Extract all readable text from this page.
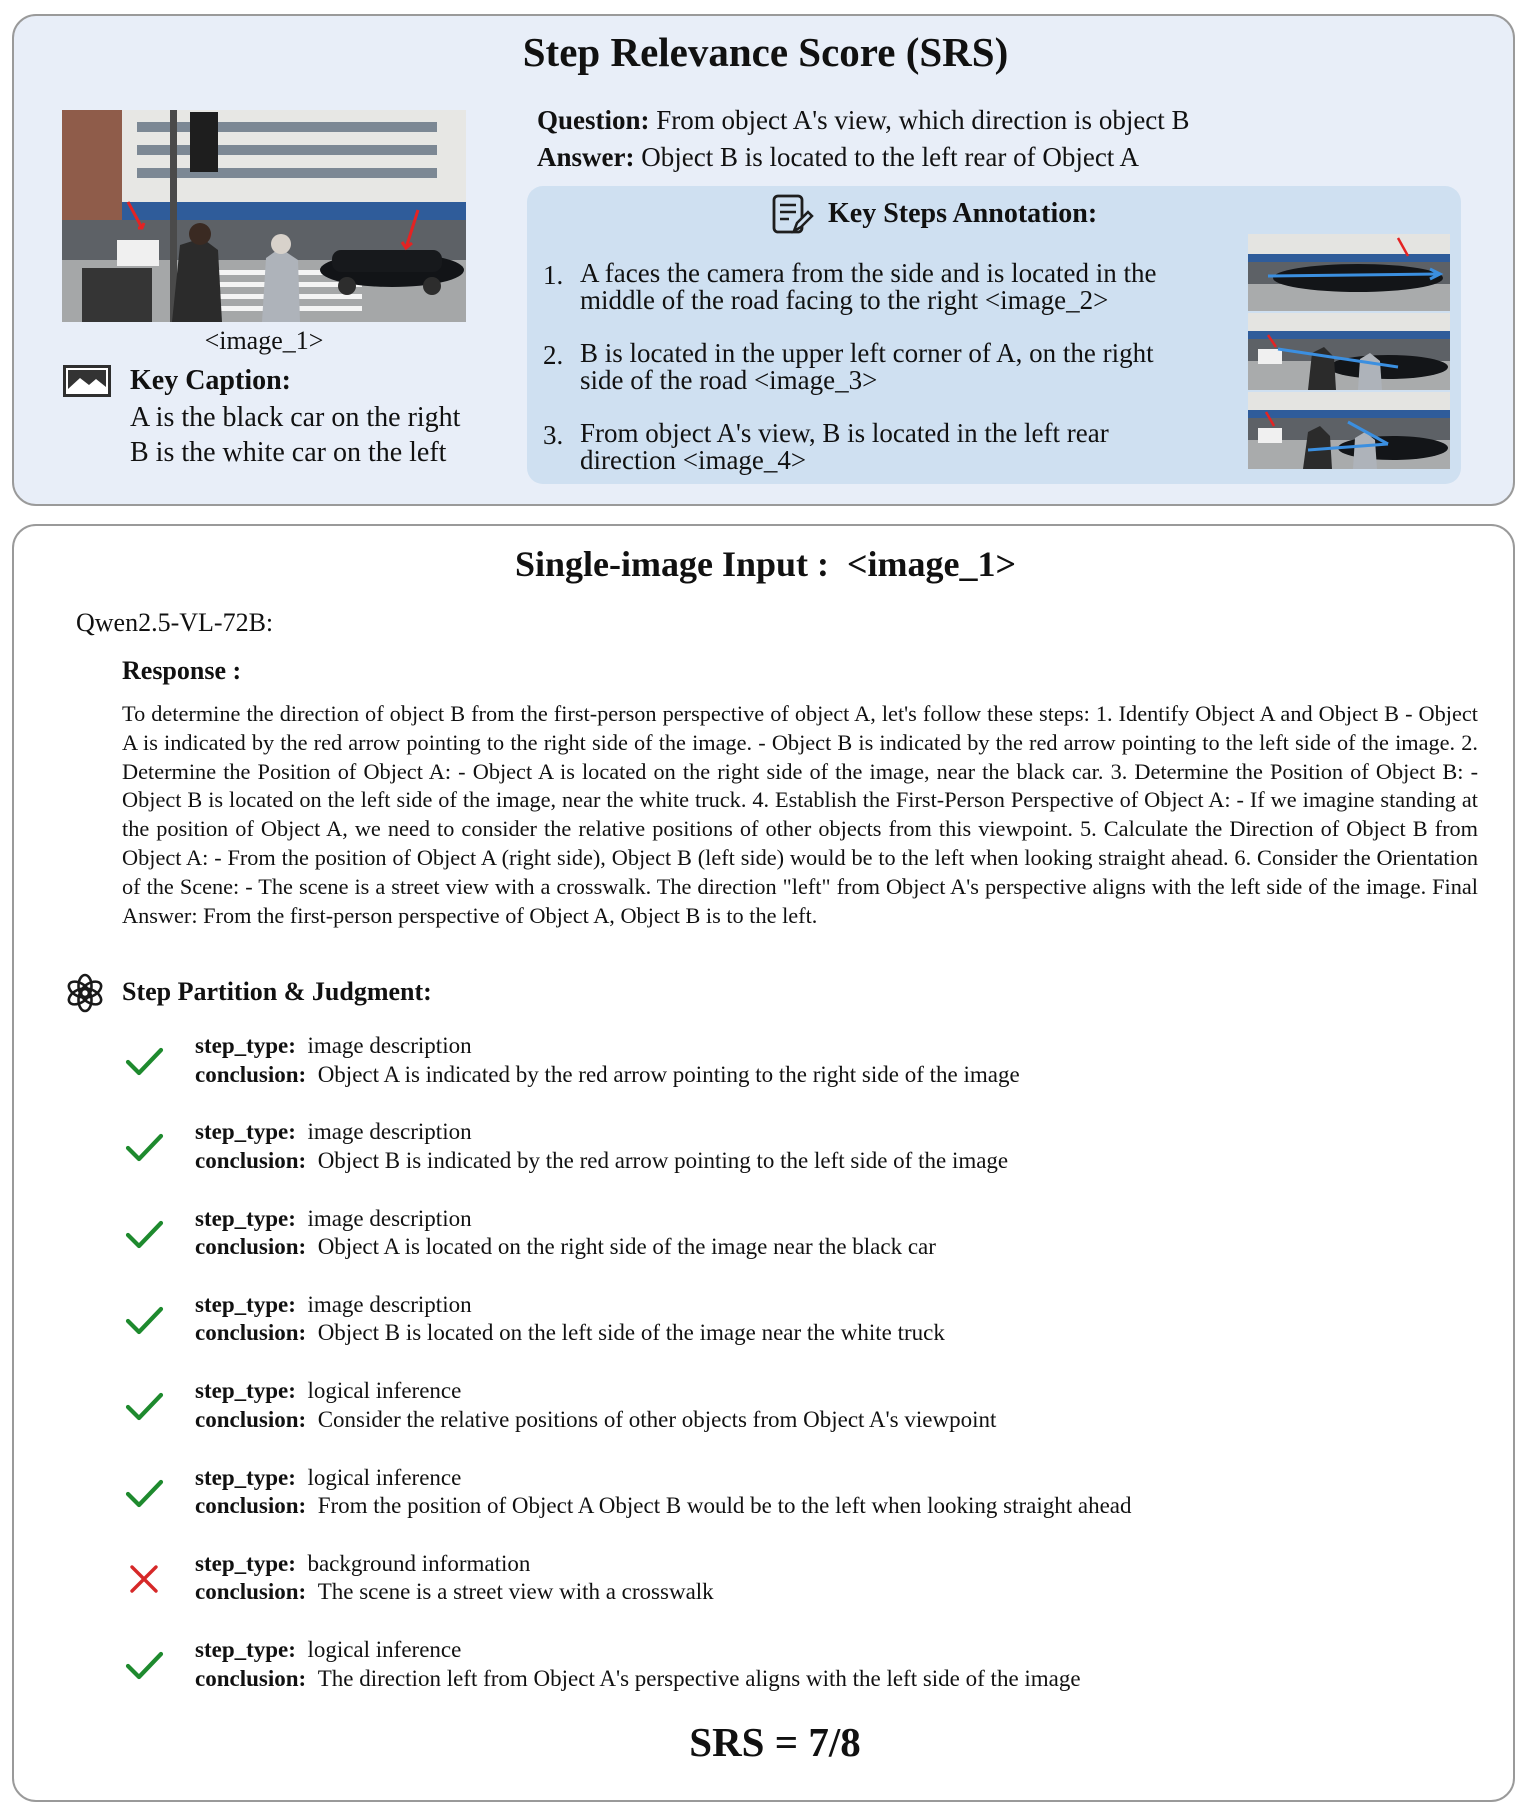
Step Relevance Score (SRS)
<image_1>
Key Caption:
A is the black car on the right
B is the white car on the left
Question: From object A's view, which direction is object B
Answer: Object B is located to the left rear of Object A
Key Steps Annotation:
1. A faces the camera from the side and is located in the
middle of the road facing to the right <image_2>
2. B is located in the upper left corner of A, on the right
side of the road <image_3>
3. From object A's view, B is located in the left rear
direction <image_4>
Single-image Input :  <image_1>
Qwen2.5-VL-72B:
Response :
To determine the direction of object B from the first-person perspective of object A, let's follow these steps: 1. Identify Object A and Object B - Object A is indicated by the red arrow pointing to the right side of the image. - Object B is indicated by the red arrow pointing to the left side of the image. 2. Determine the Position of Object A: - Object A is located on the right side of the image, near the black car. 3. Determine the Position of Object B: - Object B is located on the left side of the image, near the white truck. 4. Establish the First-Person Perspective of Object A: - If we imagine standing at the position of Object A, we need to consider the relative positions of other objects from this viewpoint. 5. Calculate the Direction of Object B from Object A: - From the position of Object A (right side), Object B (left side) would be to the left when looking straight ahead. 6. Consider the Orientation of the Scene: - The scene is a street view with a crosswalk. The direction "left" from Object A's perspective aligns with the left side of the image. Final Answer: From the first-person perspective of Object A, Object B is to the left.
Step Partition & Judgment:
step_type: image description
conclusion: Object A is indicated by the red arrow pointing to the right side of the image
step_type: image description
conclusion: Object B is indicated by the red arrow pointing to the left side of the image
step_type: image description
conclusion: Object A is located on the right side of the image near the black car
step_type: image description
conclusion: Object B is located on the left side of the image near the white truck
step_type: logical inference
conclusion: Consider the relative positions of other objects from Object A's viewpoint
step_type: logical inference
conclusion: From the position of Object A Object B would be to the left when looking straight ahead
step_type: background information
conclusion: The scene is a street view with a crosswalk
step_type: logical inference
conclusion: The direction left from Object A's perspective aligns with the left side of the image
SRS = 7/8
